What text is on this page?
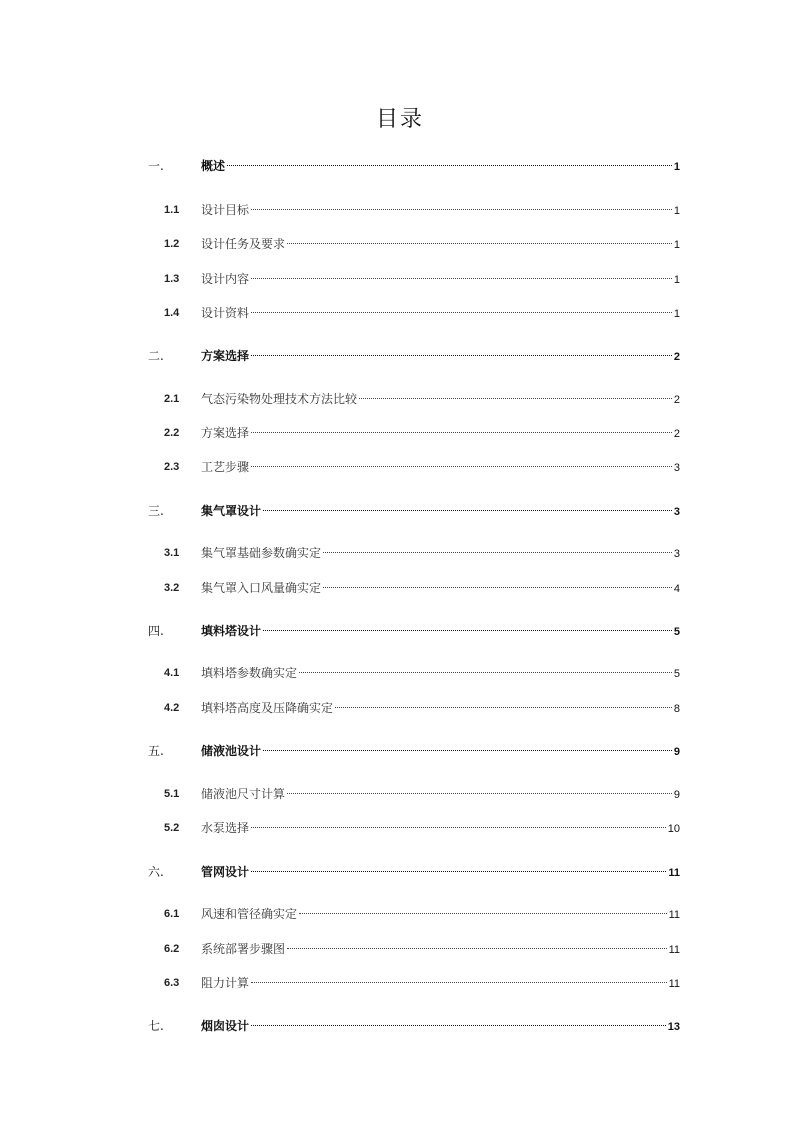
目录
一.	概述	1
1.1 设计目标	1
1.2 设计任务及要求	1
1.3 设计内容	1
1.4 设计资料	1
二.	方案选择	2
2.1 气态污染物处理技术方法比较	2
2.2 方案选择	2
2.3 工艺步骤	3
三.	集气罩设计	3
3.1 集气罩基础参数确实定	3
3.2 集气罩入口风量确实定	4
四.	填料塔设计	5
4.1 填料塔参数确实定	5
4.2 填料塔高度及压降确实定	8
五.	储液池设计	9
5.1 储液池尺寸计算	9
5.2 水泵选择	10
六.	管网设计	11
6.1 风速和管径确实定	11
6.2 系统部署步骤图	11
6.3 阻力计算	11
七.	烟囱设计	13
